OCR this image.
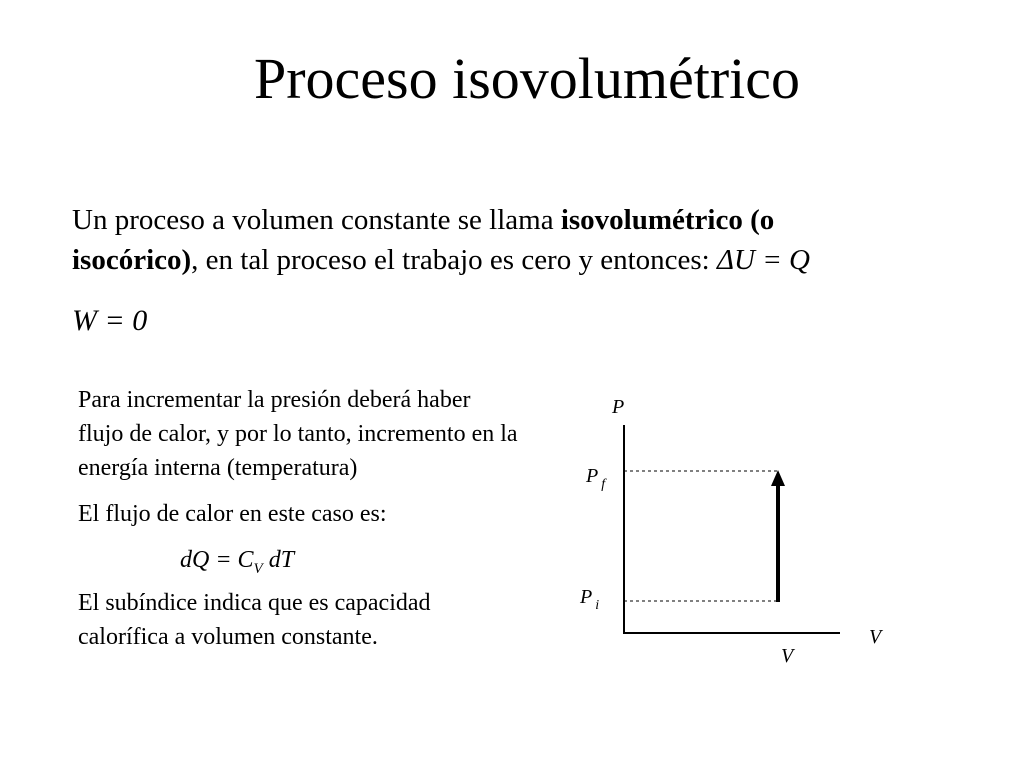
Proceso isovolumétrico
Un proceso a volumen constante se llama isovolumétrico (o
isocórico), en tal proceso el trabajo es cero y entonces: ΔU = Q
W = 0

Para incrementar la presión deberá haber flujo de calor, y por lo tanto, incremento en la energía interna (temperatura)

El flujo de calor en este caso es:

dQ = $C_V$ dT

El subíndice indica que es capacidad calorífica a volumen constante.

P
V
P $_f$
P $_i$
V
